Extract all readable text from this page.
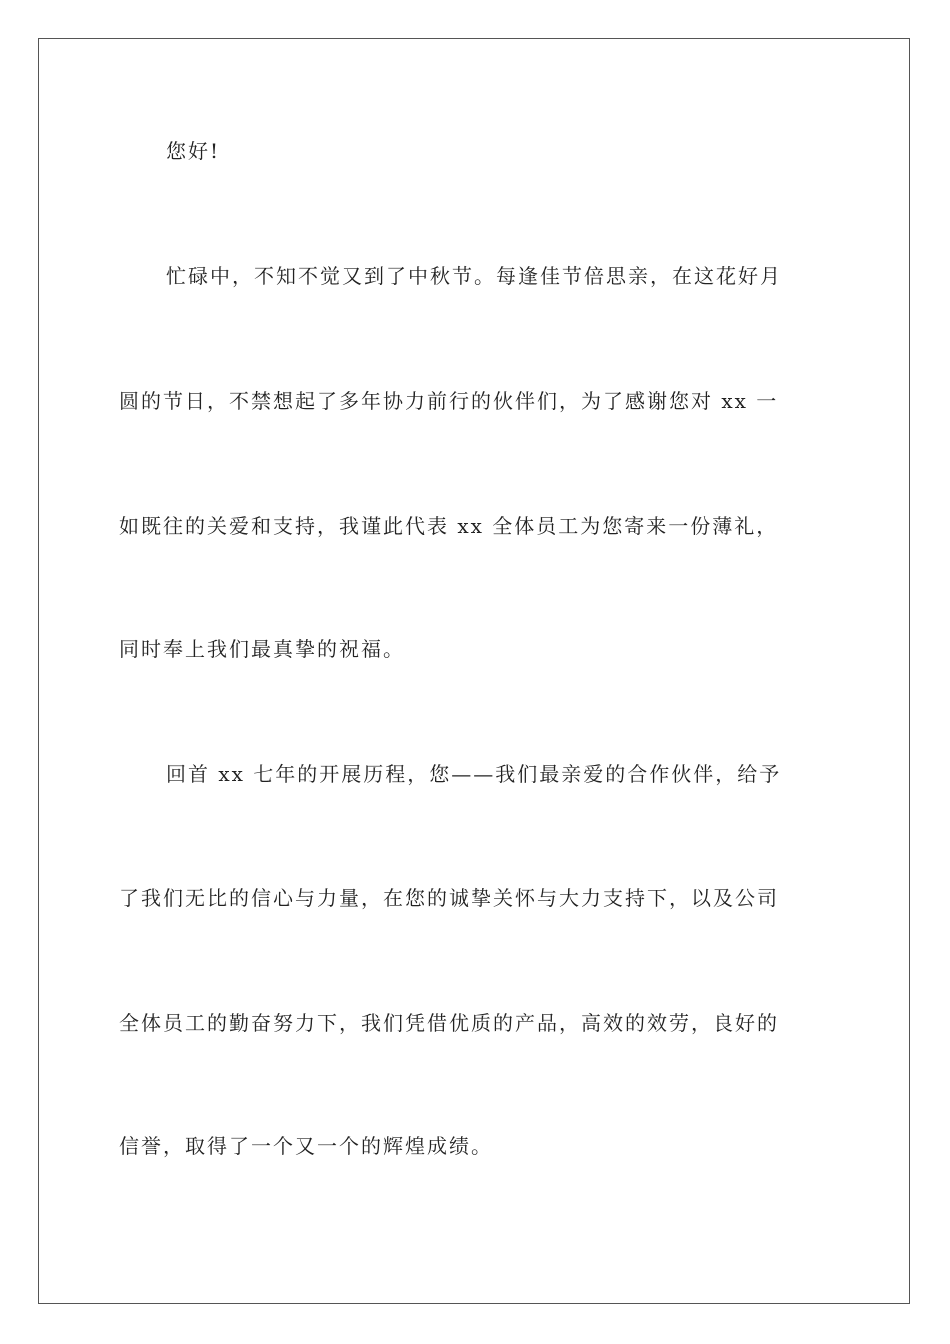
您好!
忙碌中，不知不觉又到了中秋节。每逢佳节倍思亲，在这花好月
圆的节日，不禁想起了多年协力前行的伙伴们，为了感谢您对 xx 一
如既往的关爱和支持，我谨此代表 xx 全体员工为您寄来一份薄礼，
同时奉上我们最真挚的祝福。
回首 xx 七年的开展历程，您——我们最亲爱的合作伙伴，给予
了我们无比的信心与力量，在您的诚挚关怀与大力支持下，以及公司
全体员工的勤奋努力下，我们凭借优质的产品，高效的效劳，良好的
信誉，取得了一个又一个的辉煌成绩。
